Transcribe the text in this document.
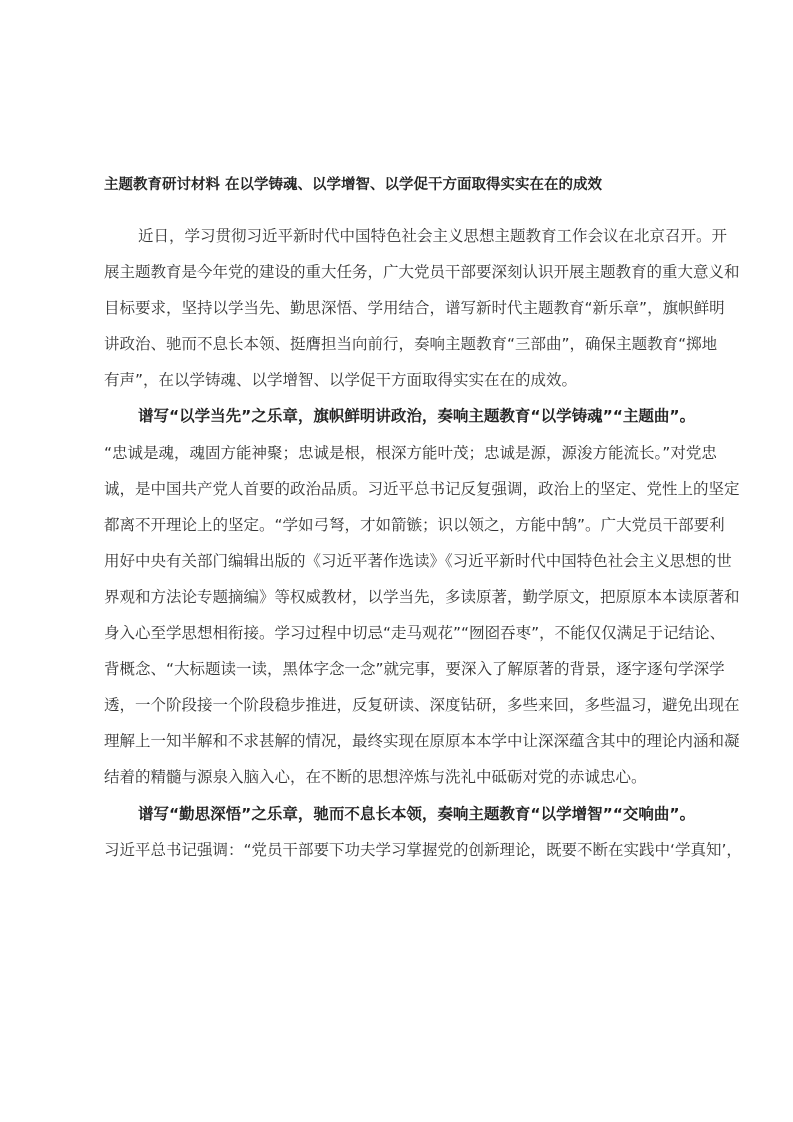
主题教育研讨材料 在以学铸魂、以学增智、以学促干方面取得实实在在的成效
近日，学习贯彻习近平新时代中国特色社会主义思想主题教育工作会议在北京召开。开
展主题教育是今年党的建设的重大任务，广大党员干部要深刻认识开展主题教育的重大意义和
目标要求，坚持以学当先、勤思深悟、学用结合，谱写新时代主题教育“新乐章”，旗帜鲜明
讲政治、驰而不息长本领、挺膺担当向前行，奏响主题教育“三部曲”，确保主题教育“掷地
有声”，在以学铸魂、以学增智、以学促干方面取得实实在在的成效。
谱写“以学当先”之乐章，旗帜鲜明讲政治，奏响主题教育“以学铸魂”“主题曲”。
“忠诚是魂，魂固方能神聚；忠诚是根，根深方能叶茂；忠诚是源，源浚方能流长。”对党忠
诚，是中国共产党人首要的政治品质。习近平总书记反复强调，政治上的坚定、党性上的坚定
都离不开理论上的坚定。“学如弓弩，才如箭镞；识以领之，方能中鹄”。广大党员干部要利
用好中央有关部门编辑出版的《习近平著作选读》《习近平新时代中国特色社会主义思想的世
界观和方法论专题摘编》等权威教材，以学当先，多读原著，勤学原文，把原原本本读原著和
身入心至学思想相衔接。学习过程中切忌“走马观花”“囫囵吞枣”，不能仅仅满足于记结论、
背概念、“大标题读一读，黑体字念一念”就完事，要深入了解原著的背景，逐字逐句学深学
透，一个阶段接一个阶段稳步推进，反复研读、深度钻研，多些来回，多些温习，避免出现在
理解上一知半解和不求甚解的情况，最终实现在原原本本学中让深深蕴含其中的理论内涵和凝
结着的精髓与源泉入脑入心，在不断的思想淬炼与洗礼中砥砺对党的赤诚忠心。
谱写“勤思深悟”之乐章，驰而不息长本领，奏响主题教育“以学增智”“交响曲”。
习近平总书记强调：“党员干部要下功夫学习掌握党的创新理论，既要不断在实践中‘学真知’，
